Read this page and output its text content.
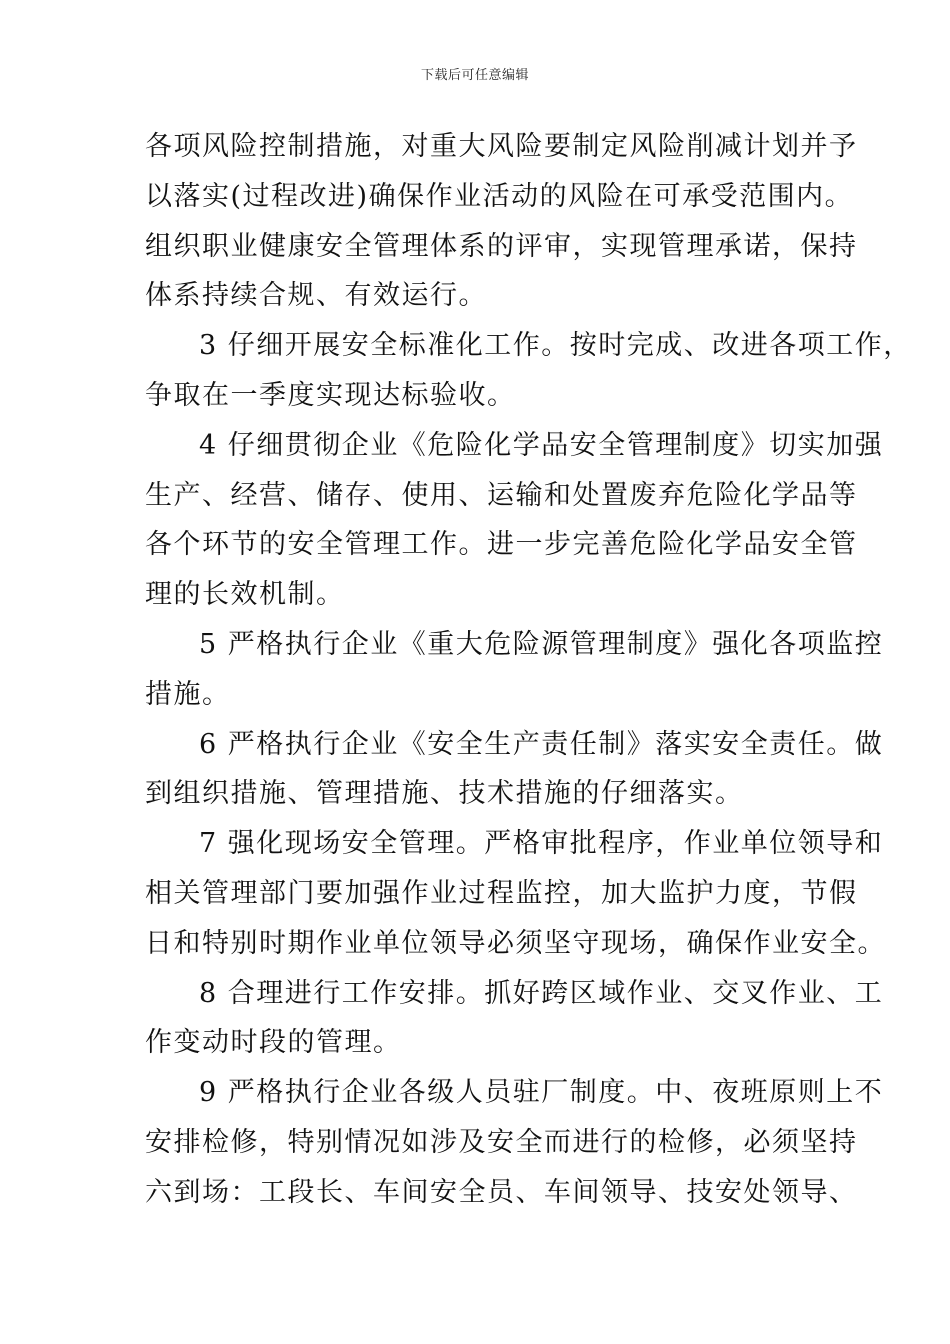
下载后可任意编辑
各项风险控制措施，对重大风险要制定风险削减计划并予
以落实(过程改进)确保作业活动的风险在可承受范围内。
组织职业健康安全管理体系的评审，实现管理承诺，保持
体系持续合规、有效运行。
3 仔细开展安全标准化工作。按时完成、改进各项工作，
争取在一季度实现达标验收。
4 仔细贯彻企业《危险化学品安全管理制度》切实加强
生产、经营、储存、使用、运输和处置废弃危险化学品等
各个环节的安全管理工作。进一步完善危险化学品安全管
理的长效机制。
5 严格执行企业《重大危险源管理制度》强化各项监控
措施。
6 严格执行企业《安全生产责任制》落实安全责任。做
到组织措施、管理措施、技术措施的仔细落实。
7 强化现场安全管理。严格审批程序，作业单位领导和
相关管理部门要加强作业过程监控，加大监护力度，节假
日和特别时期作业单位领导必须坚守现场，确保作业安全。
8 合理进行工作安排。抓好跨区域作业、交叉作业、工
作变动时段的管理。
9 严格执行企业各级人员驻厂制度。中、夜班原则上不
安排检修，特别情况如涉及安全而进行的检修，必须坚持
六到场：工段长、车间安全员、车间领导、技安处领导、
